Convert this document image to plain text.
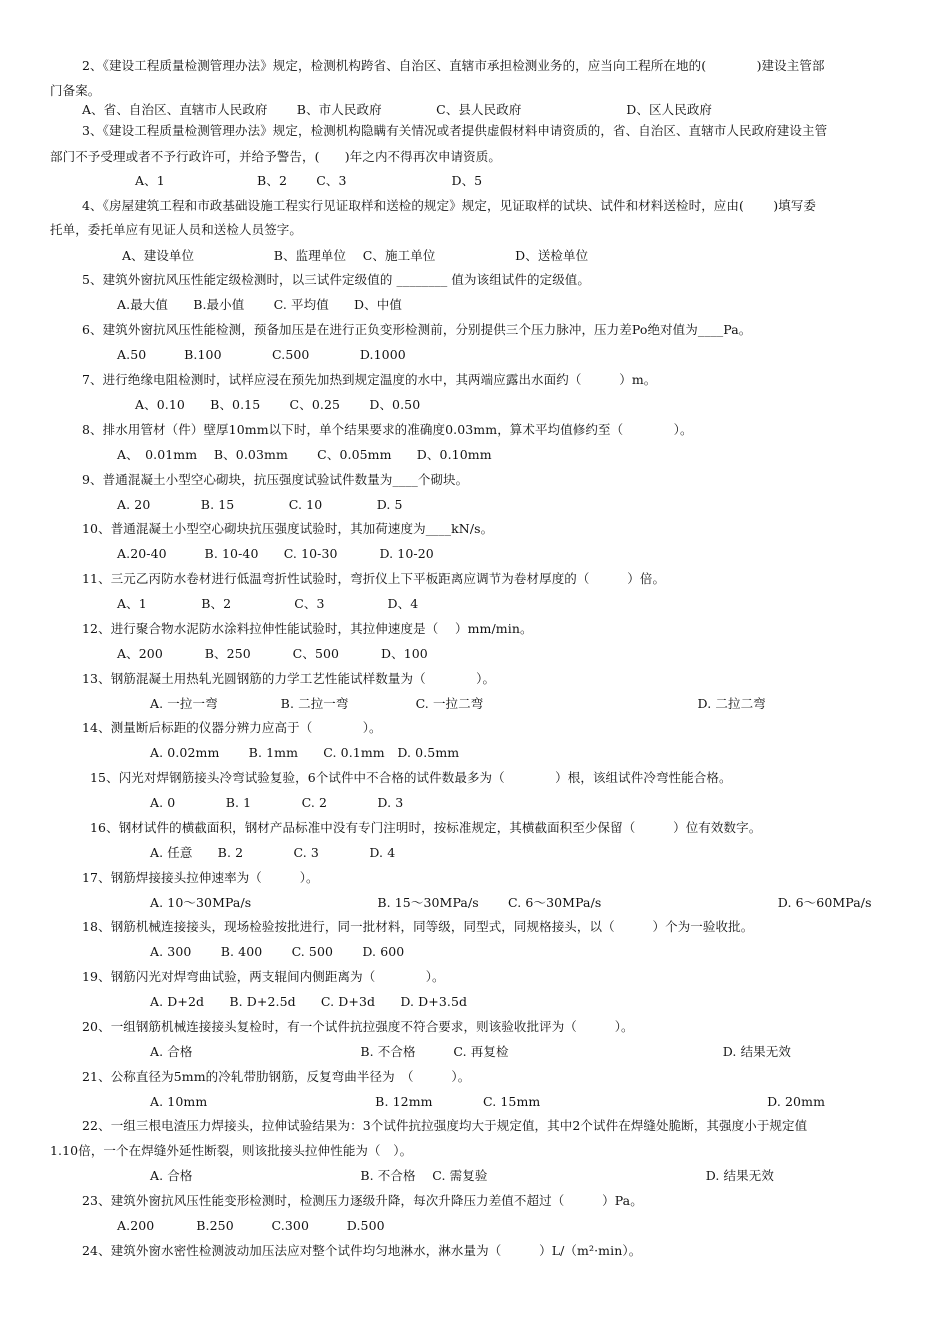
2、《建设工程质量检测管理办法》规定，检测机构跨省、自治区、直辖市承担检测业务的，应当向工程所在地的(　　　　)建设主管部
门备案。
A、省、自治区、直辖市人民政府　　 B、市人民政府　　　　 C、县人民政府　　　　　　　　 D、区人民政府
3、《建设工程质量检测管理办法》规定，检测机构隐瞒有关情况或者提供虚假材料申请资质的，省、自治区、直辖市人民政府建设主管
部门不予受理或者不予行政许可，并给予警告，(　　)年之内不得再次申请资质。
A、1　　　　　　　 B、2　　 C、3　　　　　　　　 D、5
4、《房屋建筑工程和市政基础设施工程实行见证取样和送检的规定》规定，见证取样的试块、试件和材料送检时，应由(　　 )填写委
托单，委托单应有见证人员和送检人员签字。
A、建设单位　　　　　　 B、监理单位　 C、施工单位　　　　　　 D、送检单位
5、建筑外窗抗风压性能定级检测时，以三试件定级值的 ________ 值为该组试件的定级值。
A.最大值　　B.最小值　　 C. 平均值　　D、中值
6、建筑外窗抗风压性能检测，预备加压是在进行正负变形检测前，分别提供三个压力脉冲，压力差Po绝对值为____Pa。
A.50　　　B.100　　　　C.500　　　　D.1000
7、进行绝缘电阻检测时，试样应浸在预先加热到规定温度的水中，其两端应露出水面约（　　　）m。
A、0.10　　B、0.15　　 C、0.25　　 D、0.50
8、排水用管材（件）壁厚10mm以下时，单个结果要求的准确度0.03mm，算术平均值修约至（　　　　）。
A、　0.01mm　 B、0.03mm　　 C、0.05mm　　D、0.10mm
9、普通混凝土小型空心砌块，抗压强度试验试件数量为____个砌块。
A. 20　　　　B. 15　　　　 C. 10　　　　 D. 5
10、普通混凝土小型空心砌块抗压强度试验时，其加荷速度为____kN/s。
A.20-40　　　B. 10-40　　C. 10-30　　　 D. 10-20
11、三元乙丙防水卷材进行低温弯折性试验时，弯折仪上下平板距离应调节为卷材厚度的（　　　）倍。
A、1　　　　 B、2　　　　　C、3　　　　　D、4
12、进行聚合物水泥防水涂料拉伸性能试验时，其拉伸速度是（　 ）mm/min。
A、200　　　 B、250　　　 C、500　　　 D、100
13、钢筋混凝土用热轧光圆钢筋的力学工艺性能试样数量为（　　　　）。
A. 一拉一弯　　　　　B. 二拉一弯　　　　　 C. 一拉二弯　　　　　　　　　　　　　　　　　D. 二拉二弯
14、测量断后标距的仪器分辨力应高于（　　　　）。
A. 0.02mm　　 B. 1mm　　C. 0.1mm　D. 0.5mm
15、闪光对焊钢筋接头冷弯试验复验，6个试件中不合格的试件数最多为（　　　　）根，该组试件冷弯性能合格。
A. 0　　　　B. 1　　　　C. 2　　　　D. 3
16、钢材试件的横截面积，钢材产品标准中没有专门注明时，按标准规定，其横截面积至少保留（　　　）位有效数字。
A. 任意　　B. 2　　　　C. 3　　　　D. 4
17、钢筋焊接接头拉伸速率为（　　　）。
A. 10～30MPa/s　　　　　　　　　　B. 15～30MPa/s　　 C. 6～30MPa/s　　　　　　　　　　　　　　D. 6～60MPa/s
18、钢筋机械连接接头，现场检验按批进行，同一批材料，同等级，同型式，同规格接头，以（　　　）个为一验收批。
A. 300　　 B. 400　　 C. 500　　 D. 600
19、钢筋闪光对焊弯曲试验，两支辊间内侧距离为（　　　　）。
A. D+2d　　B. D+2.5d　　C. D+3d　　D. D+3.5d
20、一组钢筋机械连接接头复检时，有一个试件抗拉强度不符合要求，则该验收批评为（　　　）。
A. 合格　　　　　　　　　　　　　 B. 不合格　　　C. 再复检　　　　　　　　　　　　　　　　　D. 结果无效
21、公称直径为5mm的冷轧带肋钢筋，反复弯曲半径为　（　　　）。
A. 10mm　　　　　　　　　　　　　 B. 12mm　　　　C. 15mm　　　　　　　　　　　　　　　　　　D. 20mm
22、一组三根电渣压力焊接头，拉伸试验结果为：3个试件抗拉强度均大于规定值，其中2个试件在焊缝处脆断，其强度小于规定值
1.10倍，一个在焊缝外延性断裂，则该批接头拉伸性能为（　）。
A. 合格　　　　　　　　　　　　　 B. 不合格　 C. 需复验　　　　　　　　　　　　　　　　　 D. 结果无效
23、建筑外窗抗风压性能变形检测时，检测压力逐级升降，每次升降压力差值不超过（　　　）Pa。
A.200　　　 B.250　　　C.300　　　D.500
24、建筑外窗水密性检测波动加压法应对整个试件均匀地淋水，淋水量为（　　　）L/（m²·min）。
